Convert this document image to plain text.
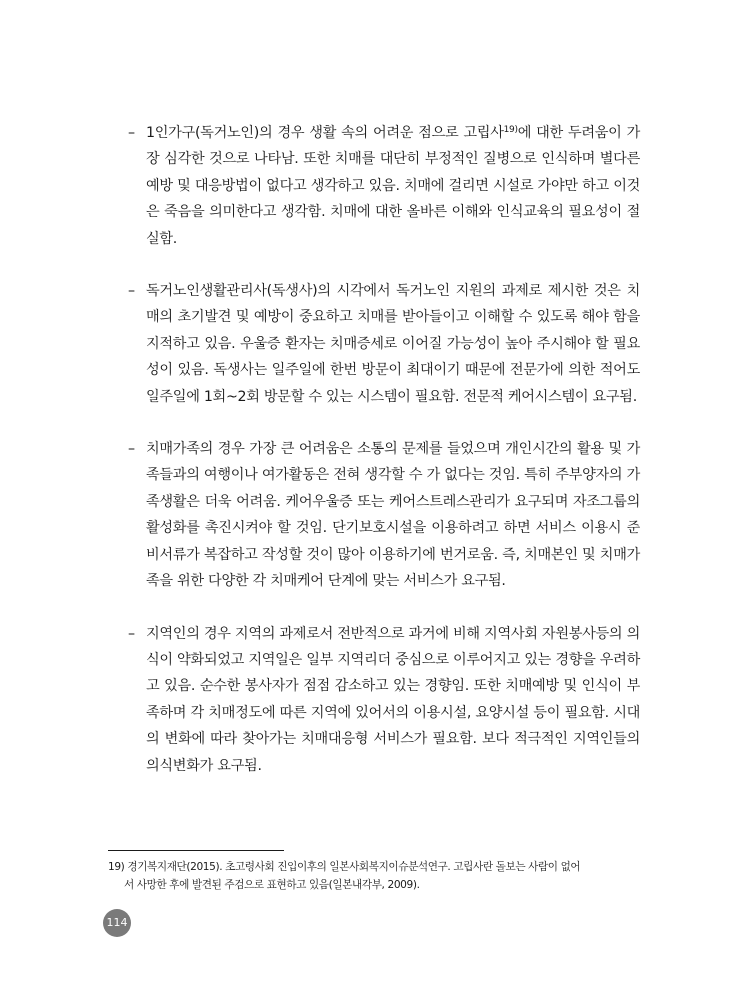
– 1인가구(독거노인)의 경우 생활 속의 어려운 점으로 고립사$^{19)}$에 대한 두려움이 가장 심각한 것으로 나타남. 또한 치매를 대단히 부정적인 질병으로 인식하며 별다른 예방 및 대응방법이 없다고 생각하고 있음. 치매에 걸리면 시설로 가야만 하고 이것은 죽음을 의미한다고 생각함. 치매에 대한 올바른 이해와 인식교육의 필요성이 절실함.
– 독거노인생활관리사(독생사)의 시각에서 독거노인 지원의 과제로 제시한 것은 치매의 초기발견 및 예방이 중요하고 치매를 받아들이고 이해할 수 있도록 해야 함을 지적하고 있음. 우울증 환자는 치매증세로 이어질 가능성이 높아 주시해야 할 필요성이 있음. 독생사는 일주일에 한번 방문이 최대이기 때문에 전문가에 의한 적어도 일주일에 1회~2회 방문할 수 있는 시스템이 필요함. 전문적 케어시스템이 요구됨.
– 치매가족의 경우 가장 큰 어려움은 소통의 문제를 들었으며 개인시간의 활용 및 가족들과의 여행이나 여가활동은 전혀 생각할 수 가 없다는 것임. 특히 주부양자의 가족생활은 더욱 어려움. 케어우울증 또는 케어스트레스관리가 요구되며 자조그룹의 활성화를 촉진시켜야 할 것임. 단기보호시설을 이용하려고 하면 서비스 이용시 준비서류가 복잡하고 작성할 것이 많아 이용하기에 번거로움. 즉, 치매본인 및 치매가족을 위한 다양한 각 치매케어 단계에 맞는 서비스가 요구됨.
– 지역인의 경우 지역의 과제로서 전반적으로 과거에 비해 지역사회 자원봉사등의 의식이 약화되었고 지역일은 일부 지역리더 중심으로 이루어지고 있는 경향을 우려하고 있음. 순수한 봉사자가 점점 감소하고 있는 경향임. 또한 치매예방 및 인식이 부족하며 각 치매정도에 따른 지역에 있어서의 이용시설, 요양시설 등이 필요함. 시대의 변화에 따라 찾아가는 치매대응형 서비스가 필요함. 보다 적극적인 지역인들의 의식변화가 요구됨.
19) 경기복지재단(2015). 초고령사회 진입이후의 일본사회복지이슈분석연구. 고립사란 돌보는 사람이 없어
서 사망한 후에 발견된 주검으로 표현하고 있음(일본내각부, 2009).
114
